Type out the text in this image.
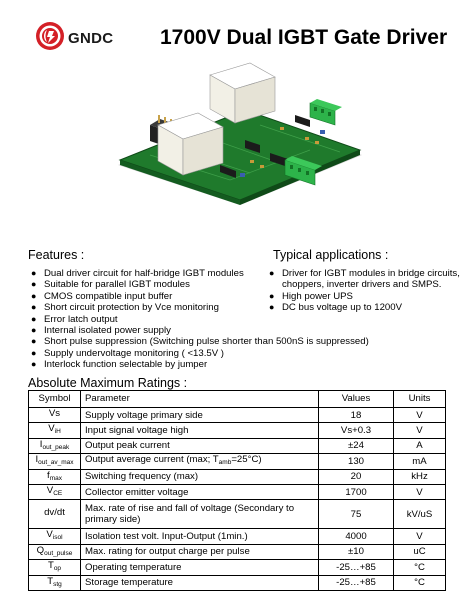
GNDC 1700V Dual IGBT Gate Driver
Features :	Typical applications :
● Dual driver circuit for half-bridge IGBT modules
● Suitable for parallel IGBT modules
● CMOS compatible input buffer
● Short circuit protection by Vce monitoring
● Error latch output
● Internal isolated power supply
● Short pulse suppression (Switching pulse shorter than 500nS is suppressed)
● Supply undervoltage monitoring ( <13.5V )
● Interlock function selectable by jumper
● Driver for IGBT modules in bridge circuits, choppers, inverter drivers and SMPS.
● High power UPS
● DC bus voltage up to 1200V
Absolute Maximum Ratings :
Symbol	Parameter	Values	Units
Vs	Supply voltage primary side	18	V
$V_{iH}$	Input signal voltage high	Vs+0.3	V
$I_{out\_peak}$	Output peak current	±24	A
$I_{out\_av\_max}$	Output average current (max; $T_{amb}=25^\circ C$)	130	mA
$f_{max}$	Switching frequency (max)	20	kHz
$V_{CE}$	Collector emitter voltage	1700	V
dv/dt	Max. rate of rise and fall of voltage (Secondary to primary side)	75	kV/uS
$V_{isol}$	Isolation test volt. Input-Output (1min.)	4000	V
$Q_{out\_pulse}$	Max. rating for output charge per pulse	±10	uC
$T_{op}$	Operating temperature	-25…+85	°C
$T_{stg}$	Storage temperature	-25…+85	°C
